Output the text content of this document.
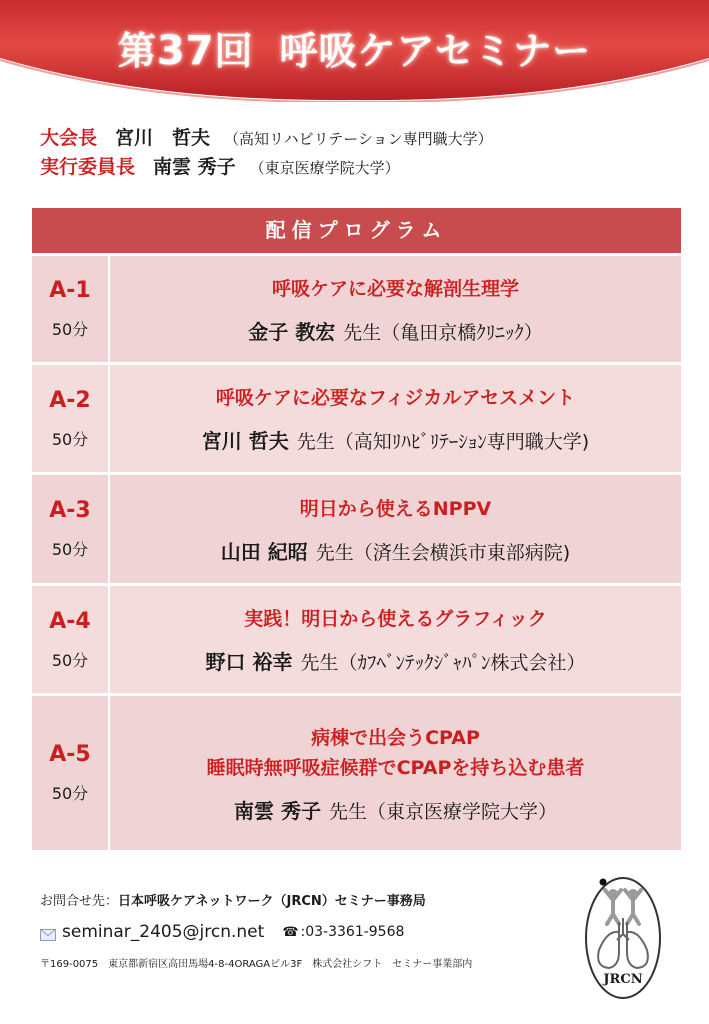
第37回 呼吸ケアセミナー
大会長 宮川　哲夫 （高知リハビリテーション専門職大学）
実行委員長 南雲 秀子 （東京医療学院大学）
配信プログラム
A-1
50分
呼吸ケアに必要な解剖生理学
金子 教宏 先生（亀田京橋ｸﾘﾆｯｸ）
A-2
50分
呼吸ケアに必要なフィジカルアセスメント
宮川 哲夫 先生（高知ﾘﾊﾋﾞﾘﾃｰｼｮﾝ専門職大学)
A-3
50分
明日から使えるNPPV
山田 紀昭 先生（済生会横浜市東部病院)
A-4
50分
実践！明日から使えるグラフィック
野口 裕幸 先生（ｶﾌﾍﾞﾝﾃｯｸｼﾞｬﾊﾟﾝ株式会社）
A-5
50分
病棟で出会うCPAP
睡眠時無呼吸症候群でCPAPを持ち込む患者
南雲 秀子 先生（東京医療学院大学）
お問合せ先：日本呼吸ケアネットワーク（JRCN）セミナー事務局
seminar_2405@jrcn.net ☎ :03-3361-9568
〒169-0075　東京都新宿区高田馬場4-8-4ORAGAビル3F　株式会社シフト　セミナー事業部内
JRCN
